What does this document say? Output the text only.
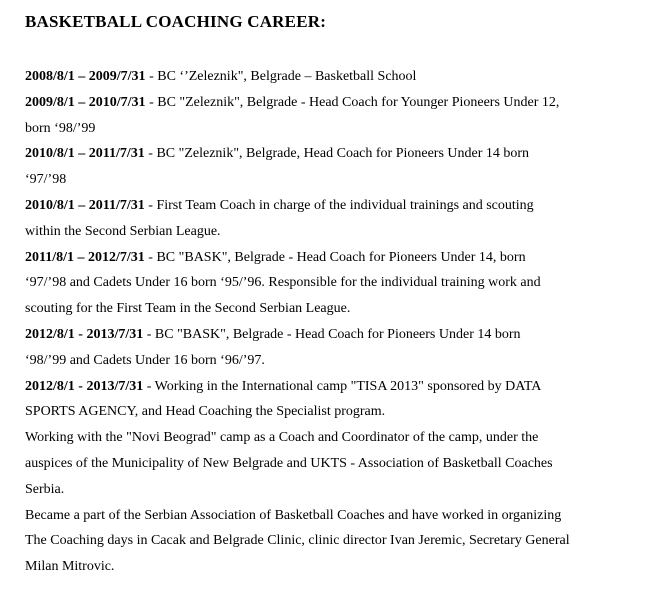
BASKETBALL COACHING CAREER:
2008/8/1 – 2009/7/31 - BC ‘’Zeleznik", Belgrade – Basketball School
2009/8/1 – 2010/7/31 - BC "Zeleznik", Belgrade - Head Coach for Younger Pioneers Under 12,
born ‘98/’99
2010/8/1 – 2011/7/31 - BC "Zeleznik", Belgrade, Head Coach for Pioneers Under 14 born
‘97/’98
2010/8/1 – 2011/7/31 - First Team Coach in charge of the individual trainings and scouting
within the Second Serbian League.
2011/8/1 – 2012/7/31 - BC "BASK", Belgrade - Head Coach for Pioneers Under 14, born
‘97/’98 and Cadets Under 16 born ‘95/’96. Responsible for the individual training work and
scouting for the First Team in the Second Serbian League.
2012/8/1 - 2013/7/31 - BC "BASK", Belgrade - Head Coach for Pioneers Under 14 born
‘98/’99 and Cadets Under 16 born ‘96/’97.
2012/8/1 - 2013/7/31 - Working in the International camp "TISA 2013" sponsored by DATA
SPORTS AGENCY, and Head Coaching the Specialist program.
Working with the "Novi Beograd" camp as a Coach and Coordinator of the camp, under the
auspices of the Municipality of New Belgrade and UKTS - Association of Basketball Coaches
Serbia.
Became a part of the Serbian Association of Basketball Coaches and have worked in organizing
The Coaching days in Cacak and Belgrade Clinic, clinic director Ivan Jeremic, Secretary General
Milan Mitrovic.
